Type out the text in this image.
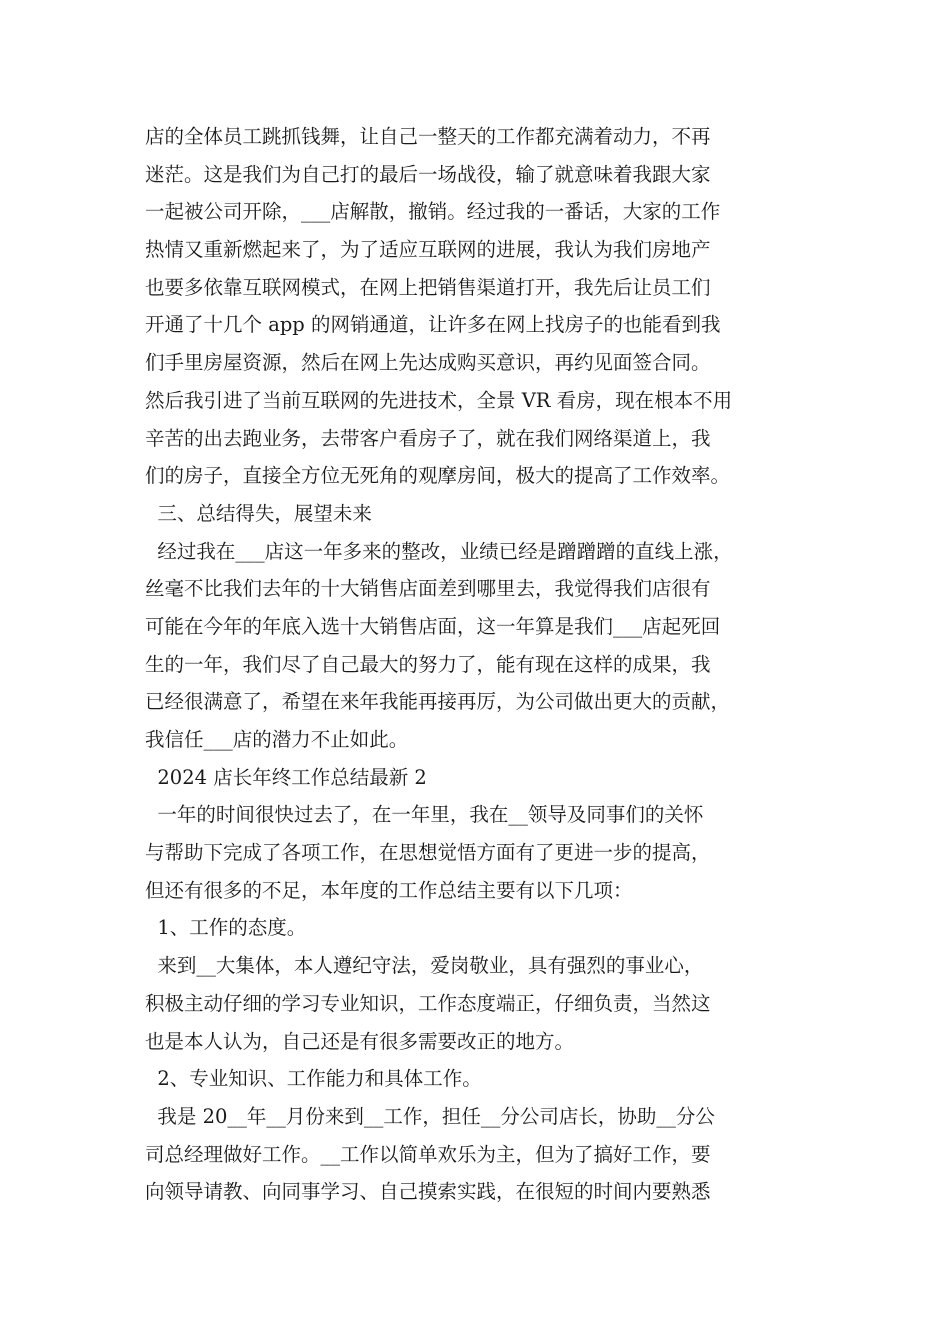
店的全体员工跳抓钱舞，让自己一整天的工作都充满着动力，不再
迷茫。这是我们为自己打的最后一场战役，输了就意味着我跟大家
一起被公司开除，___店解散，撤销。经过我的一番话，大家的工作
热情又重新燃起来了，为了适应互联网的进展，我认为我们房地产
也要多依靠互联网模式，在网上把销售渠道打开，我先后让员工们
开通了十几个 app 的网销通道，让许多在网上找房子的也能看到我
们手里房屋资源，然后在网上先达成购买意识，再约见面签合同。
然后我引进了当前互联网的先进技术，全景 VR 看房，现在根本不用
辛苦的出去跑业务，去带客户看房子了，就在我们网络渠道上，我
们的房子，直接全方位无死角的观摩房间，极大的提高了工作效率。
三、总结得失，展望未来
经过我在___店这一年多来的整改，业绩已经是蹭蹭蹭的直线上涨，
丝毫不比我们去年的十大销售店面差到哪里去，我觉得我们店很有
可能在今年的年底入选十大销售店面，这一年算是我们___店起死回
生的一年，我们尽了自己最大的努力了，能有现在这样的成果，我
已经很满意了，希望在来年我能再接再厉，为公司做出更大的贡献，
我信任___店的潜力不止如此。
2024 店长年终工作总结最新 2
一年的时间很快过去了，在一年里，我在__领导及同事们的关怀
与帮助下完成了各项工作，在思想觉悟方面有了更进一步的提高，
但还有很多的不足，本年度的工作总结主要有以下几项：
1、工作的态度。
来到__大集体，本人遵纪守法，爱岗敬业，具有强烈的事业心，
积极主动仔细的学习专业知识，工作态度端正，仔细负责，当然这
也是本人认为，自己还是有很多需要改正的地方。
2、专业知识、工作能力和具体工作。
我是 20__年__月份来到__工作，担任__分公司店长，协助__分公
司总经理做好工作。__工作以简单欢乐为主，但为了搞好工作，要
向领导请教、向同事学习、自己摸索实践，在很短的时间内要熟悉
